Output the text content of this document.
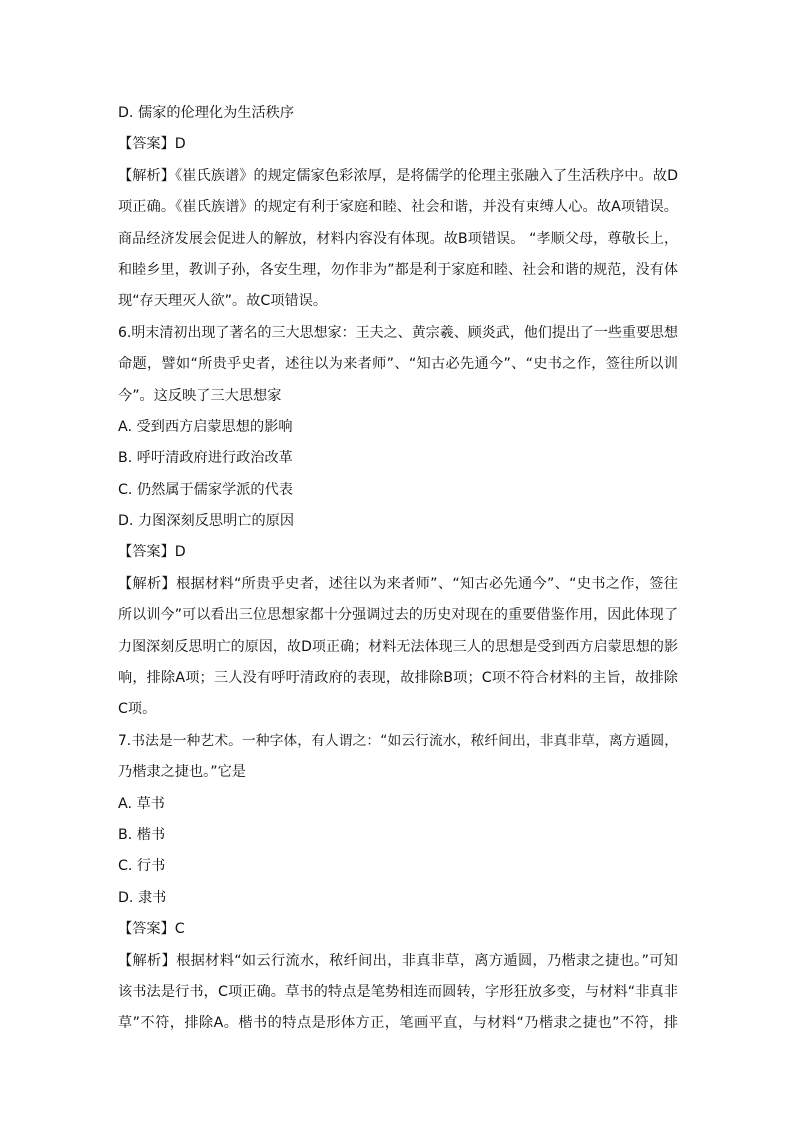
D. 儒家的伦理化为生活秩序
【答案】D
【解析】《崔氏族谱》的规定儒家色彩浓厚，是将儒学的伦理主张融入了生活秩序中。故D
项正确。《崔氏族谱》的规定有利于家庭和睦、社会和谐，并没有束缚人心。故A项错误。
商品经济发展会促进人的解放，材料内容没有体现。故B项错误。 “孝顺父母，尊敬长上，
和睦乡里，教训子孙，各安生理，勿作非为”都是利于家庭和睦、社会和谐的规范，没有体
现“存天理灭人欲”。故C项错误。
6.明末清初出现了著名的三大思想家：王夫之、黄宗羲、顾炎武，他们提出了一些重要思想
命题，譬如“所贵乎史者，述往以为来者师”、“知古必先通今”、“史书之作，签往所以训
今”。这反映了三大思想家
A. 受到西方启蒙思想的影响
B. 呼吁清政府进行政治改革
C. 仍然属于儒家学派的代表
D. 力图深刻反思明亡的原因
【答案】D
【解析】根据材料“所贵乎史者，述往以为来者师”、“知古必先通今”、“史书之作，签往
所以训今”可以看出三位思想家都十分强调过去的历史对现在的重要借鉴作用，因此体现了
力图深刻反思明亡的原因，故D项正确；材料无法体现三人的思想是受到西方启蒙思想的影
响，排除A项；三人没有呼吁清政府的表现，故排除B项；C项不符合材料的主旨，故排除
C项。
7.书法是一种艺术。一种字体，有人谓之：“如云行流水，秾纤间出，非真非草，离方遁圆，
乃楷隶之捷也。”它是
A. 草书
B. 楷书
C. 行书
D. 隶书
【答案】C
【解析】根据材料“如云行流水，秾纤间出，非真非草，离方遁圆，乃楷隶之捷也。”可知
该书法是行书，C项正确。草书的特点是笔势相连而圆转，字形狂放多变，与材料“非真非
草”不符，排除A。楷书的特点是形体方正，笔画平直，与材料“乃楷隶之捷也”不符，排
